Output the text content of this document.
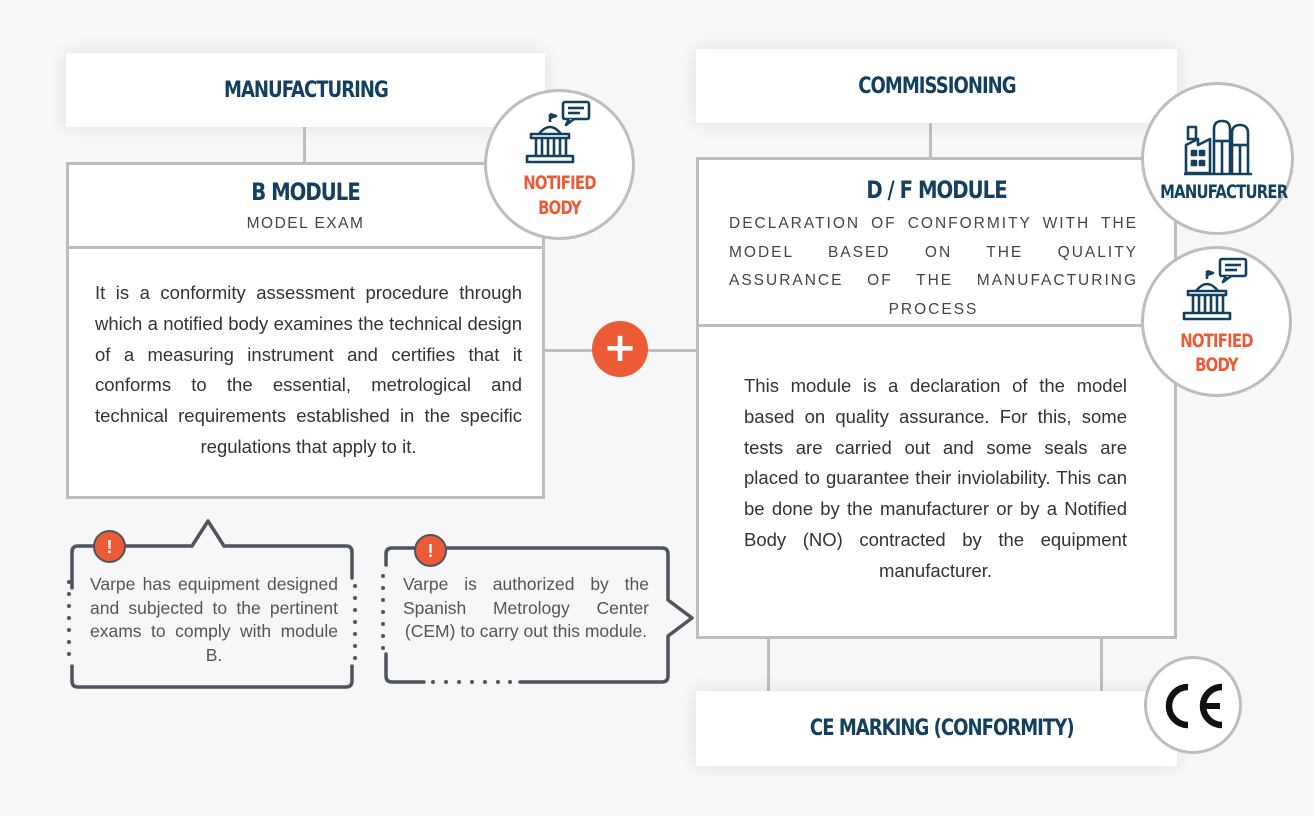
MANUFACTURING
B MODULE
MODEL EXAM
It is a conformity assessment procedure through which a notified body examines the technical design of a measuring instrument and certifies that it conforms to the essential, metrological and technical requirements established in the specific regulations that apply to it.
NOTIFIED
BODY
COMMISSIONING
D / F MODULE
DECLARATION OF CONFORMITY WITH THE MODEL BASED ON THE QUALITY ASSURANCE OF THE MANUFACTURING PROCESS
This module is a declaration of the model based on quality assurance. For this, some tests are carried out and some seals are placed to guarantee their inviolability. This can be done by the manufacturer or by a Notified Body (NO) contracted by the equipment manufacturer.
MANUFACTURER
NOTIFIED
BODY
+
CE MARKING (CONFORMITY)
!
Varpe has equipment designed and subjected to the pertinent exams to comply with module B.
!
Varpe is authorized by the Spanish Metrology Center (CEM) to carry out this module.
